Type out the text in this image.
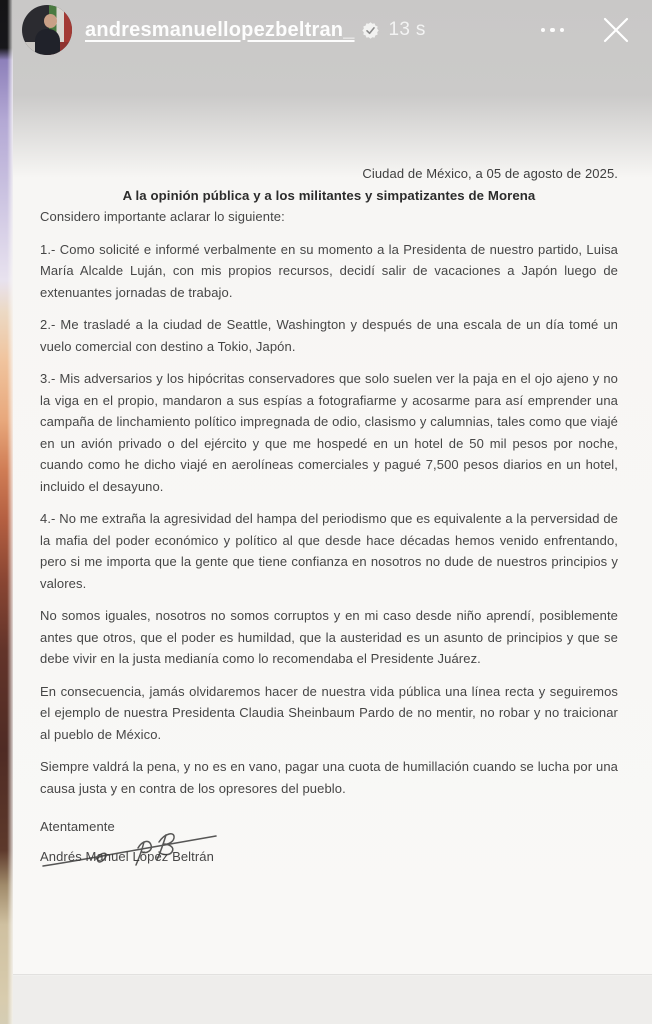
andresmanuellopezbeltran_ 13 s

Ciudad de México, a 05 de agosto de 2025.

A la opinión pública y a los militantes y simpatizantes de Morena

Considero importante aclarar lo siguiente:

1.- Como solicité e informé verbalmente en su momento a la Presidenta de nuestro partido, Luisa María Alcalde Luján, con mis propios recursos, decidí salir de vacaciones a Japón luego de extenuantes jornadas de trabajo.

2.- Me trasladé a la ciudad de Seattle, Washington y después de una escala de un día tomé un vuelo comercial con destino a Tokio, Japón.

3.- Mis adversarios y los hipócritas conservadores que solo suelen ver la paja en el ojo ajeno y no la viga en el propio, mandaron a sus espías a fotografiarme y acosarme para así emprender una campaña de linchamiento político impregnada de odio, clasismo y calumnias, tales como que viajé en un avión privado o del ejército y que me hospedé en un hotel de 50 mil pesos por noche, cuando como he dicho viajé en aerolíneas comerciales y pagué 7,500 pesos diarios en un hotel, incluido el desayuno.

4.- No me extraña la agresividad del hampa del periodismo que es equivalente a la perversidad de la mafia del poder económico y político al que desde hace décadas hemos venido enfrentando, pero si me importa que la gente que tiene confianza en nosotros no dude de nuestros principios y valores.

No somos iguales, nosotros no somos corruptos y en mi caso desde niño aprendí, posiblemente antes que otros, que el poder es humildad, que la austeridad es un asunto de principios y que se debe vivir en la justa medianía como lo recomendaba el Presidente Juárez.

En consecuencia, jamás olvidaremos hacer de nuestra vida pública una línea recta y seguiremos el ejemplo de nuestra Presidenta Claudia Sheinbaum Pardo de no mentir, no robar y no traicionar al pueblo de México.

Siempre valdrá la pena, y no es en vano, pagar una cuota de humillación cuando se lucha por una causa justa y en contra de los opresores del pueblo.

Atentamente

Andrés Manuel López Beltrán
